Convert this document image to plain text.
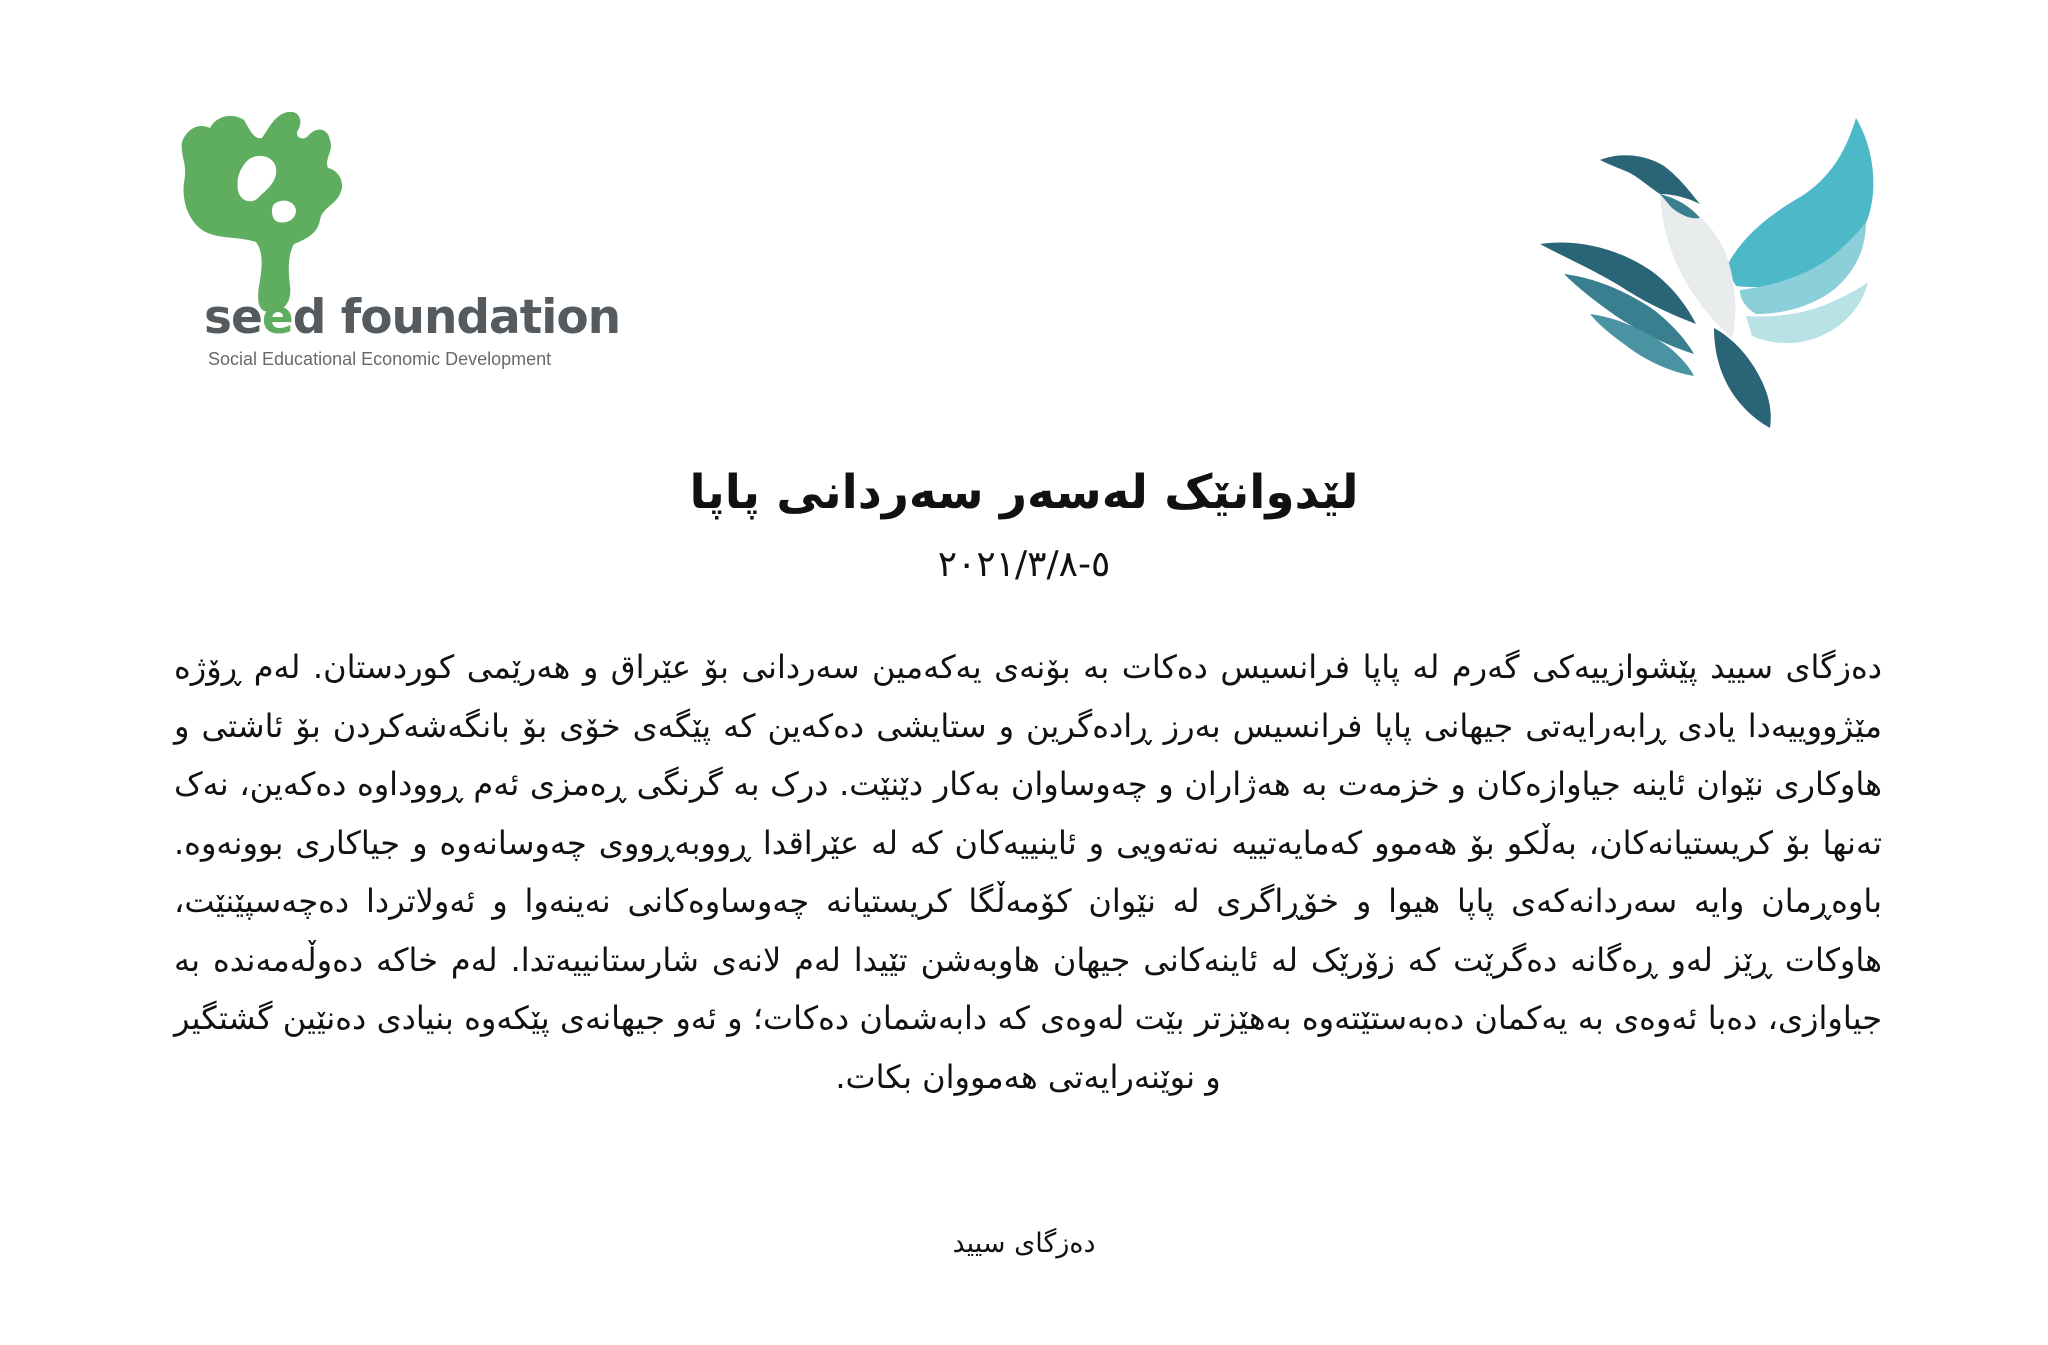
seed foundation
Social Educational Economic Development
لێدوانێک لەسەر سەردانی پاپا
٥-٢٠٢١/٣/٨

دەزگای سیید پێشوازییەکی گەرم لە پاپا فرانسیس دەکات بە بۆنەی یەکەمین سەردانی بۆ عێراق و هەرێمی کوردستان. لەم ڕۆژە مێژووییەدا یادی ڕابەرایەتی جیهانی پاپا فرانسیس بەرز ڕادەگرین و ستایشی دەکەین کە پێگەی خۆی بۆ بانگەشەکردن بۆ ئاشتی و هاوکاری نێوان ئاینە جیاوازەکان و خزمەت بە هەژاران و چەوساوان بەکار دێنێت. درک بە گرنگی ڕەمزی ئەم ڕووداوە دەکەین، نەک تەنها بۆ کریستیانەکان، بەڵکو بۆ هەموو کەمایەتییە نەتەویی و ئاینییەکان کە لە عێراقدا ڕووبەڕووی چەوسانەوە و جیاکاری بوونەوە. باوەڕمان وایە سەردانەکەی پاپا هیوا و خۆڕاگری لە نێوان کۆمەڵگا کریستیانە چەوساوەکانی نەینەوا و ئەولاتردا دەچەسپێنێت، هاوکات ڕێز لەو ڕەگانە دەگرێت کە زۆرێک لە ئاینەکانی جیهان هاوبەشن تێیدا لەم لانەی شارستانییەتدا. لەم خاکە دەوڵەمەندە بە جیاوازی، دەبا ئەوەی بە یەکمان دەبەستێتەوە بەهێزتر بێت لەوەی کە دابەشمان دەکات؛ و ئەو جیهانەی پێکەوە بنیادی دەنێین گشتگیر و نوێنەرایەتی هەمووان بکات.

دەزگای سیید
